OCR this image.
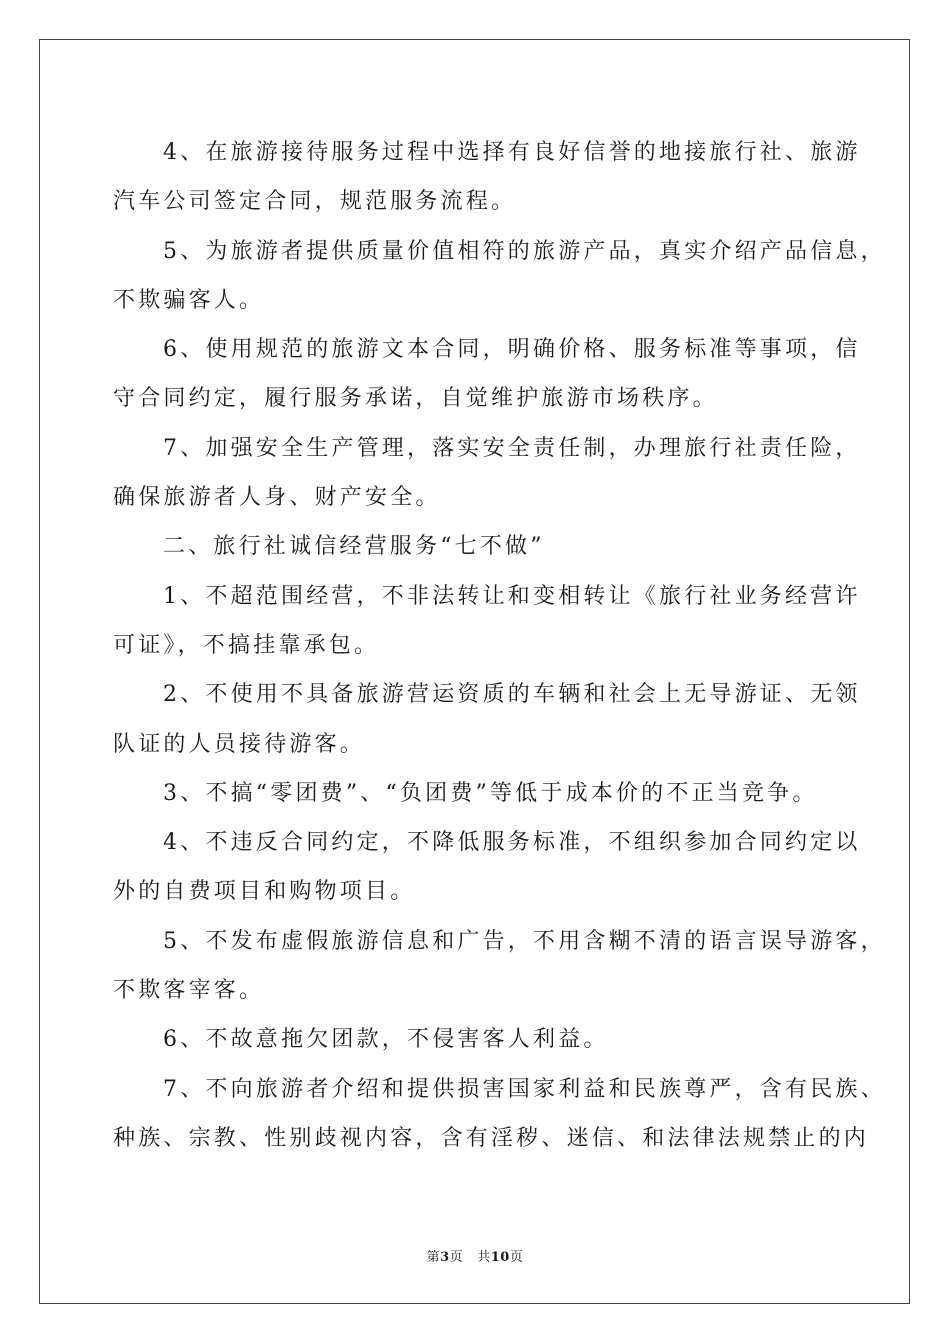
4、在旅游接待服务过程中选择有良好信誉的地接旅行社、旅游
汽车公司签定合同，规范服务流程。
5、为旅游者提供质量价值相符的旅游产品，真实介绍产品信息，
不欺骗客人。
6、使用规范的旅游文本合同，明确价格、服务标准等事项，信
守合同约定，履行服务承诺，自觉维护旅游市场秩序。
7、加强安全生产管理，落实安全责任制，办理旅行社责任险，
确保旅游者人身、财产安全。
二、旅行社诚信经营服务“七不做”
1、不超范围经营，不非法转让和变相转让《旅行社业务经营许
可证》，不搞挂靠承包。
2、不使用不具备旅游营运资质的车辆和社会上无导游证、无领
队证的人员接待游客。
3、不搞“零团费”、“负团费”等低于成本价的不正当竞争。
4、不违反合同约定，不降低服务标准，不组织参加合同约定以
外的自费项目和购物项目。
5、不发布虚假旅游信息和广告，不用含糊不清的语言误导游客，
不欺客宰客。
6、不故意拖欠团款，不侵害客人利益。
7、不向旅游者介绍和提供损害国家利益和民族尊严，含有民族、
种族、宗教、性别歧视内容，含有淫秽、迷信、和法律法规禁止的内
第3页 共10页
